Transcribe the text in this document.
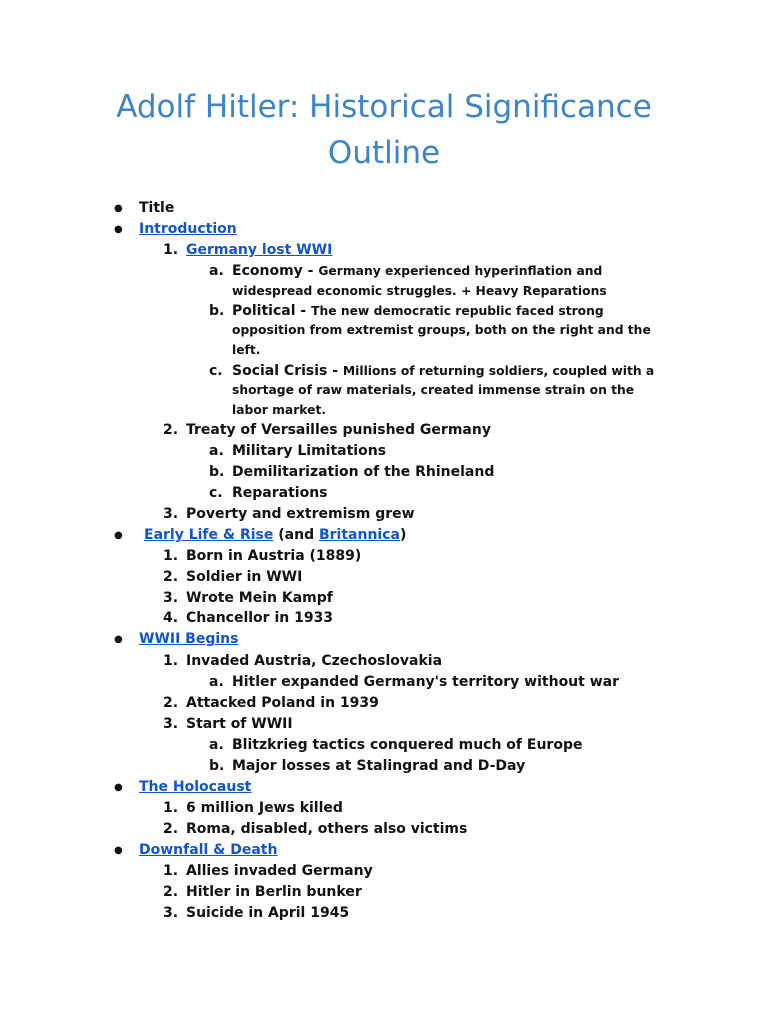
Adolf Hitler: Historical Significance
Outline
● Title
● Introduction
1. Germany lost WWI
a. Economy - Germany experienced hyperinflation and
widespread economic struggles. + Heavy Reparations
b. Political - The new democratic republic faced strong
opposition from extremist groups, both on the right and the
left.
c. Social Crisis - Millions of returning soldiers, coupled with a
shortage of raw materials, created immense strain on the
labor market.
2. Treaty of Versailles punished Germany
a. Military Limitations
b. Demilitarization of the Rhineland
c. Reparations
3. Poverty and extremism grew
● Early Life & Rise (and Britannica)
1. Born in Austria (1889)
2. Soldier in WWI
3. Wrote Mein Kampf
4. Chancellor in 1933
● WWII Begins
1. Invaded Austria, Czechoslovakia
a. Hitler expanded Germany's territory without war
2. Attacked Poland in 1939
3. Start of WWII
a. Blitzkrieg tactics conquered much of Europe
b. Major losses at Stalingrad and D-Day
● The Holocaust
1. 6 million Jews killed
2. Roma, disabled, others also victims
● Downfall & Death
1. Allies invaded Germany
2. Hitler in Berlin bunker
3. Suicide in April 1945
